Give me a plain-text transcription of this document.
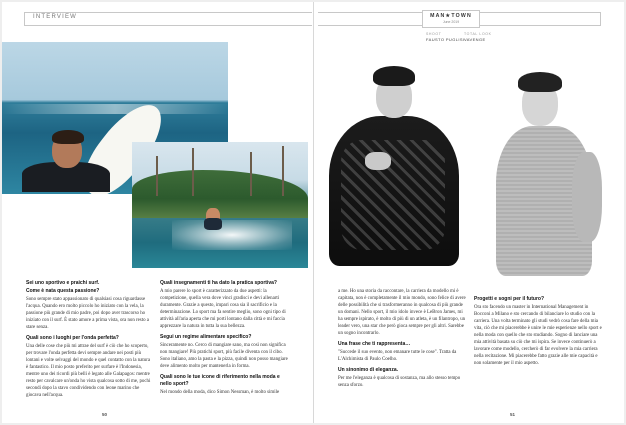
INTERVIEW	MAN★TOWN
June 2019
SHOOT
FAUSTO PUGLISI
TOTAL LOOK
VAVENGE

Sei uno sportivo e praichi surf.

Come è nata questa passione?

Sono sempre stato appassionato di qualsiasi cosa riguardasse l'acqua. Quando ero molto piccolo ho iniziato con la vela, la passione più grande di mio padre, poi dopo aver trascorso ho iniziato con il surf. È stato amore a prima vista, ora non resto a stare senza.

Quali sono i luoghi per l'onda perfetta?

Una delle cose che più mi attrae del surf è ciò che ho scoperto, per trovare l'onda perfetta devi sempre andare nei posti più lontani e volte selvaggi del mondo e quel contatto con la natura è fantastico. Il mio posto preferito per surfare è l'Indonesia, mentre uno dei ricordi più belli è legato alle Galapagos: mentre resto per cavalcare un'onda ho vista qualcosa sotto di me, pochi secondi dopo la stavo condividendo con leone marino che giocava nell'acqua.

Quali insegnamenti ti ha dato la pratica sportiva?

A mio parere lo sport è caratterizzato da due aspetti: la competizione, quella vera dove vinci gradisci e devi allenarti duramente. Grazie a questo, impari cosa sia il sacrificio e la determinazione. Lo sport ma fa sentire meglio, sono ogni tipo di attività all'aria aperta che mi porti lontano dalla città e mi faccia apprezzare la natura in tutta la sua bellezza.

Segui un regime alimentare specifico?

Sinceramente no. Cerco di mangiare sano, ma così non significa non mangiare! Più pratichi sport, più facile diventa con il cibo. Sono italiano, amo la pasta e la pizza, quindi non posso mangiare deve alimento molto per mantenerla in forma.

Quali sono le tue icone di riferimento nella moda e nello sport?

Nel mondo della moda, dico Simon Nessman, è molto simile

a me. Ho una storia da raccontare, la carriera da modello mi è capitata, non è completamente il mio mondo, sono felice di avere delle possibilità che si trasformeranno in qualcosa di più grande un domani. Nello sport, il mio idolo invece è LeBron James, mi ha sempre ispirato, è molto di più di un atleta, è un filantropo, un leader vero, una star che però gioca sempre per gli altri. Sarebbe un sogno incontrarlo.

Una frase che ti rappresenta…

"Succede il suo evento, non emanare tutte le cose". Tratta da L'Alchimista di Paulo Coelho.

Un sinonimo di eleganza.

Per me l'eleganza è qualcosa di sostanza, ma allo stesso tempo senza sforzo.

Progetti e sogni per il futuro?

Ora sto facendo un master in International Management in Bocconi a Milano e sto cercando di bilanciare lo studio con la carriera. Una volta terminato gli studi vedrò cosa fare della mia vita, ciò che mi piacerebbe è unire le mie esperienze nello sport e nella moda con quello che sto studiando. Sogno di lanciare una mia attività basata su ciò che mi ispira. Se invece continuerò a lavorare come modello, cercherò di far evolvere la mia carriera nella recitazione. Mi piacerebbe fatto grazie alle mie capacità e non solamente per il mio aspetto.

50	51
